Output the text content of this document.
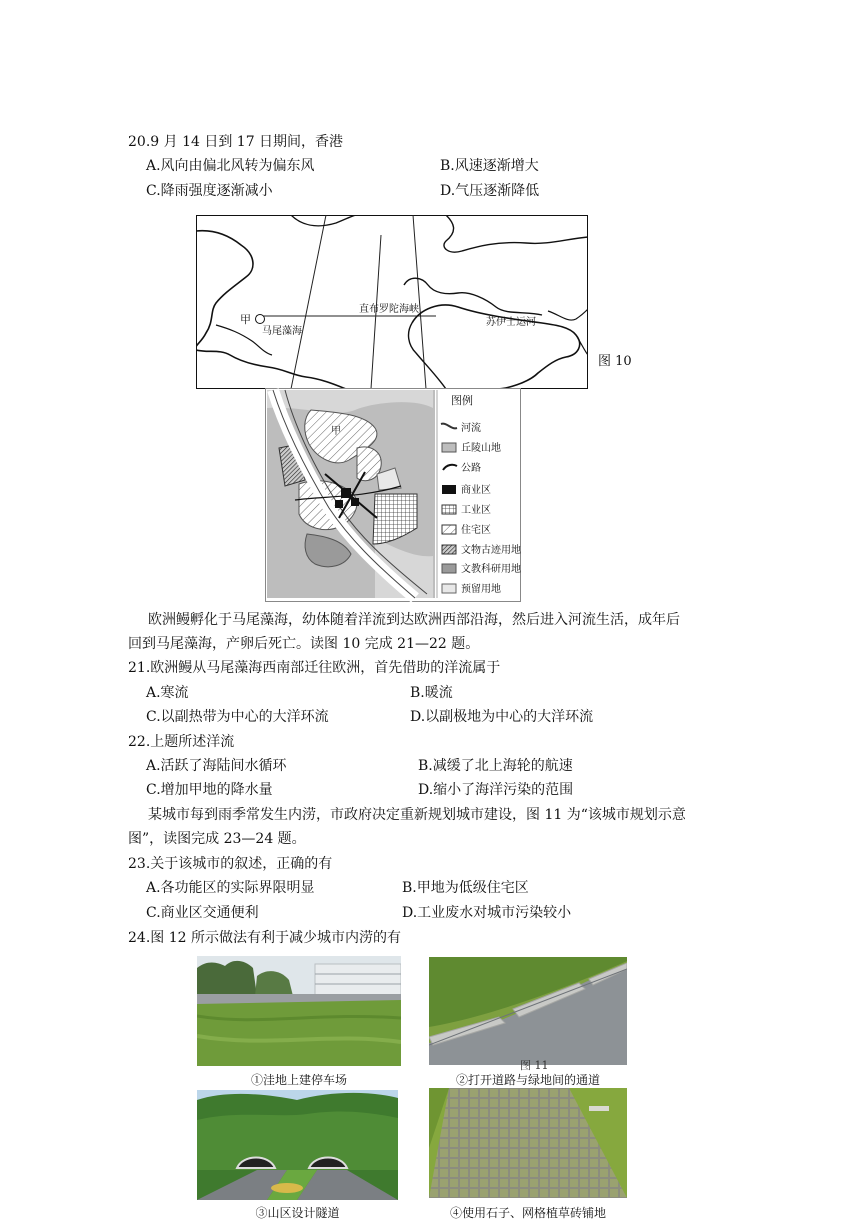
20.9 月 14 日到 17 日期间，香港
A.风向由偏北风转为偏东风	B.风速逐渐增大
C.降雨强度逐渐减小	D.气压逐渐降低
甲
马尾藻海
直布罗陀海峡
苏伊士运河
图 10
甲
图例
河流
丘陵山地
公路
商业区
工业区
住宅区
文物古迹用地
文教科研用地
预留用地
欧洲鳗孵化于马尾藻海，幼体随着洋流到达欧洲西部沿海，然后进入河流生活，成年后
回到马尾藻海，产卵后死亡。读图 10 完成 21—22 题。
21.欧洲鳗从马尾藻海西南部迁往欧洲，首先借助的洋流属于
A.寒流	B.暖流
C.以副热带为中心的大洋环流	D.以副极地为中心的大洋环流
22.上题所述洋流
A.活跃了海陆间水循环	B.减缓了北上海轮的航速
C.增加甲地的降水量	D.缩小了海洋污染的范围
某城市每到雨季常发生内涝，市政府决定重新规划城市建设，图 11 为“该城市规划示意
图”，读图完成 23—24 题。
23.关于该城市的叙述，正确的有
A.各功能区的实际界限明显	B.甲地为低级住宅区
C.商业区交通便利	D.工业废水对城市污染较小
24.图 12 所示做法有利于减少城市内涝的有
图 11
①洼地上建停车场	②打开道路与绿地间的通道
③山区设计隧道	④使用石子、网格植草砖铺地
